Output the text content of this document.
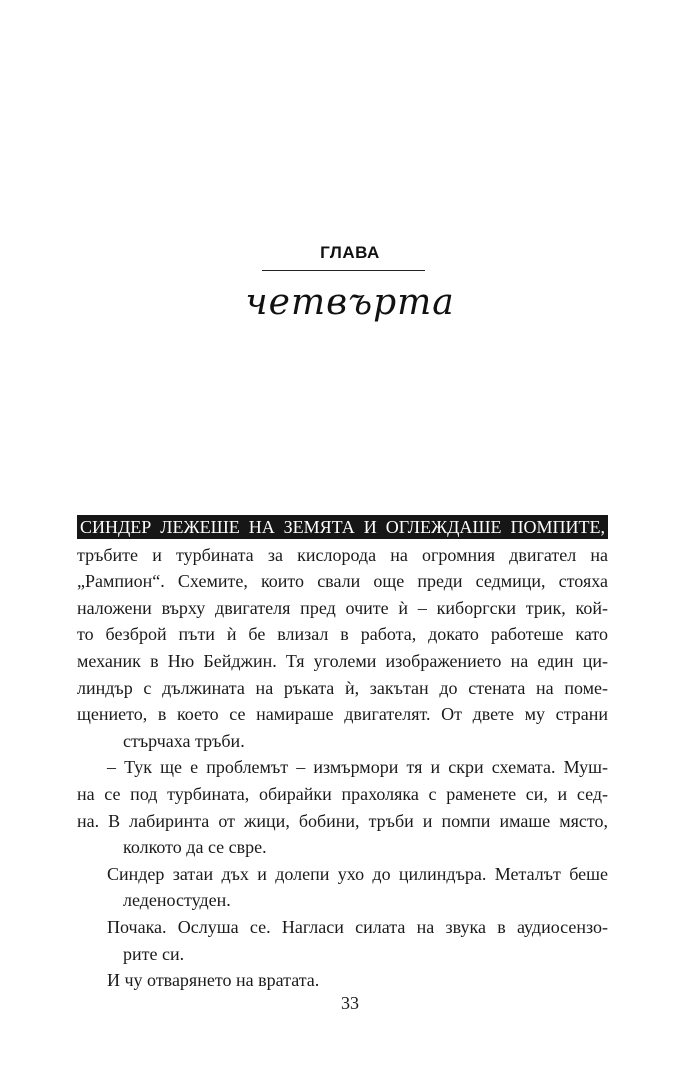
ГЛАВА
четвърта
СИНДЕР ЛЕЖЕШЕ НА ЗЕМЯТА И ОГЛЕЖДАШЕ ПОМПИТЕ,
тръбите и турбината за кислорода на огромния двигател на
„Рампион“. Схемите, които свали още преди седмици, стояха
наложени върху двигателя пред очите ѝ – киборгски трик, кой-
то безброй пъти ѝ бе влизал в работа, докато работеше като
механик в Ню Бейджин. Тя уголеми изображението на един ци-
линдър с дължината на ръката ѝ, закътан до стената на поме-
щението, в което се намираше двигателят. От двете му страни
стърчаха тръби.
– Тук ще е проблемът – измърмори тя и скри схемата. Муш-
на се под турбината, обирайки прахоляка с раменете си, и сед-
на. В лабиринта от жици, бобини, тръби и помпи имаше място,
колкото да се свре.
Синдер затаи дъх и долепи ухо до цилиндъра. Металът беше
леденостуден.
Почака. Ослуша се. Нагласи силата на звука в аудиосензо-
рите си.
И чу отварянето на вратата.
33
